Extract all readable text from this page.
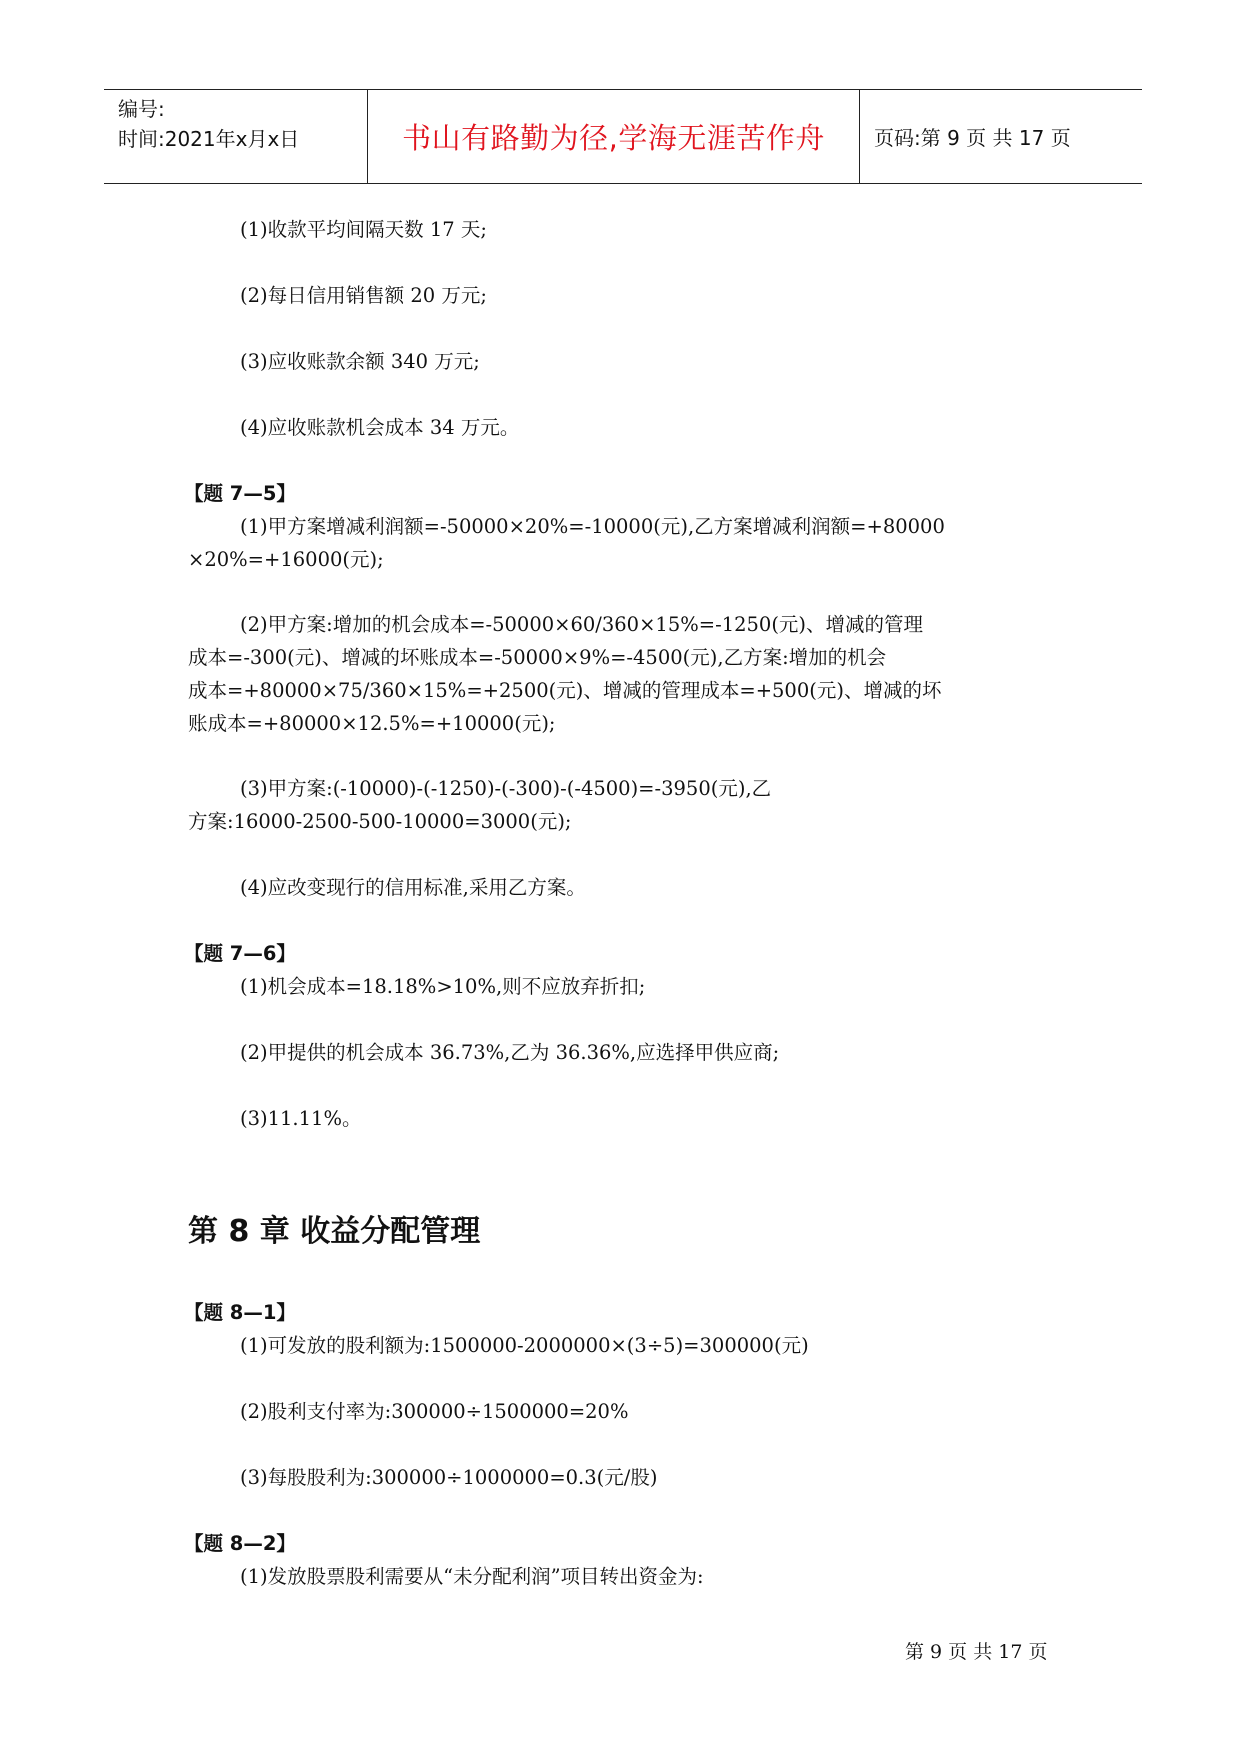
编号:
时间:2021年x月x日	书山有路勤为径,学海无涯苦作舟	页码:第 9 页 共 17 页
(1)收款平均间隔天数 17 天;
(2)每日信用销售额 20 万元;
(3)应收账款余额 340 万元;
(4)应收账款机会成本 34 万元。
【题 7—5】
(1)甲方案增减利润额=-50000×20%=-10000(元),乙方案增减利润额=+80000
×20%=+16000(元);
(2)甲方案:增加的机会成本=-50000×60/360×15%=-1250(元)、增减的管理
成本=-300(元)、增减的坏账成本=-50000×9%=-4500(元),乙方案:增加的机会
成本=+80000×75/360×15%=+2500(元)、增减的管理成本=+500(元)、增减的坏
账成本=+80000×12.5%=+10000(元);
(3)甲方案:(-10000)-(-1250)-(-300)-(-4500)=-3950(元),乙
方案:16000-2500-500-10000=3000(元);
(4)应改变现行的信用标准,采用乙方案。
【题 7—6】
(1)机会成本=18.18%>10%,则不应放弃折扣;
(2)甲提供的机会成本 36.73%,乙为 36.36%,应选择甲供应商;
(3)11.11%。
第 8 章 收益分配管理
【题 8—1】
(1)可发放的股利额为:1500000-2000000×(3÷5)=300000(元)
(2)股利支付率为:300000÷1500000=20%
(3)每股股利为:300000÷1000000=0.3(元/股)
【题 8—2】
(1)发放股票股利需要从“未分配利润”项目转出资金为:
第 9 页 共 17 页
